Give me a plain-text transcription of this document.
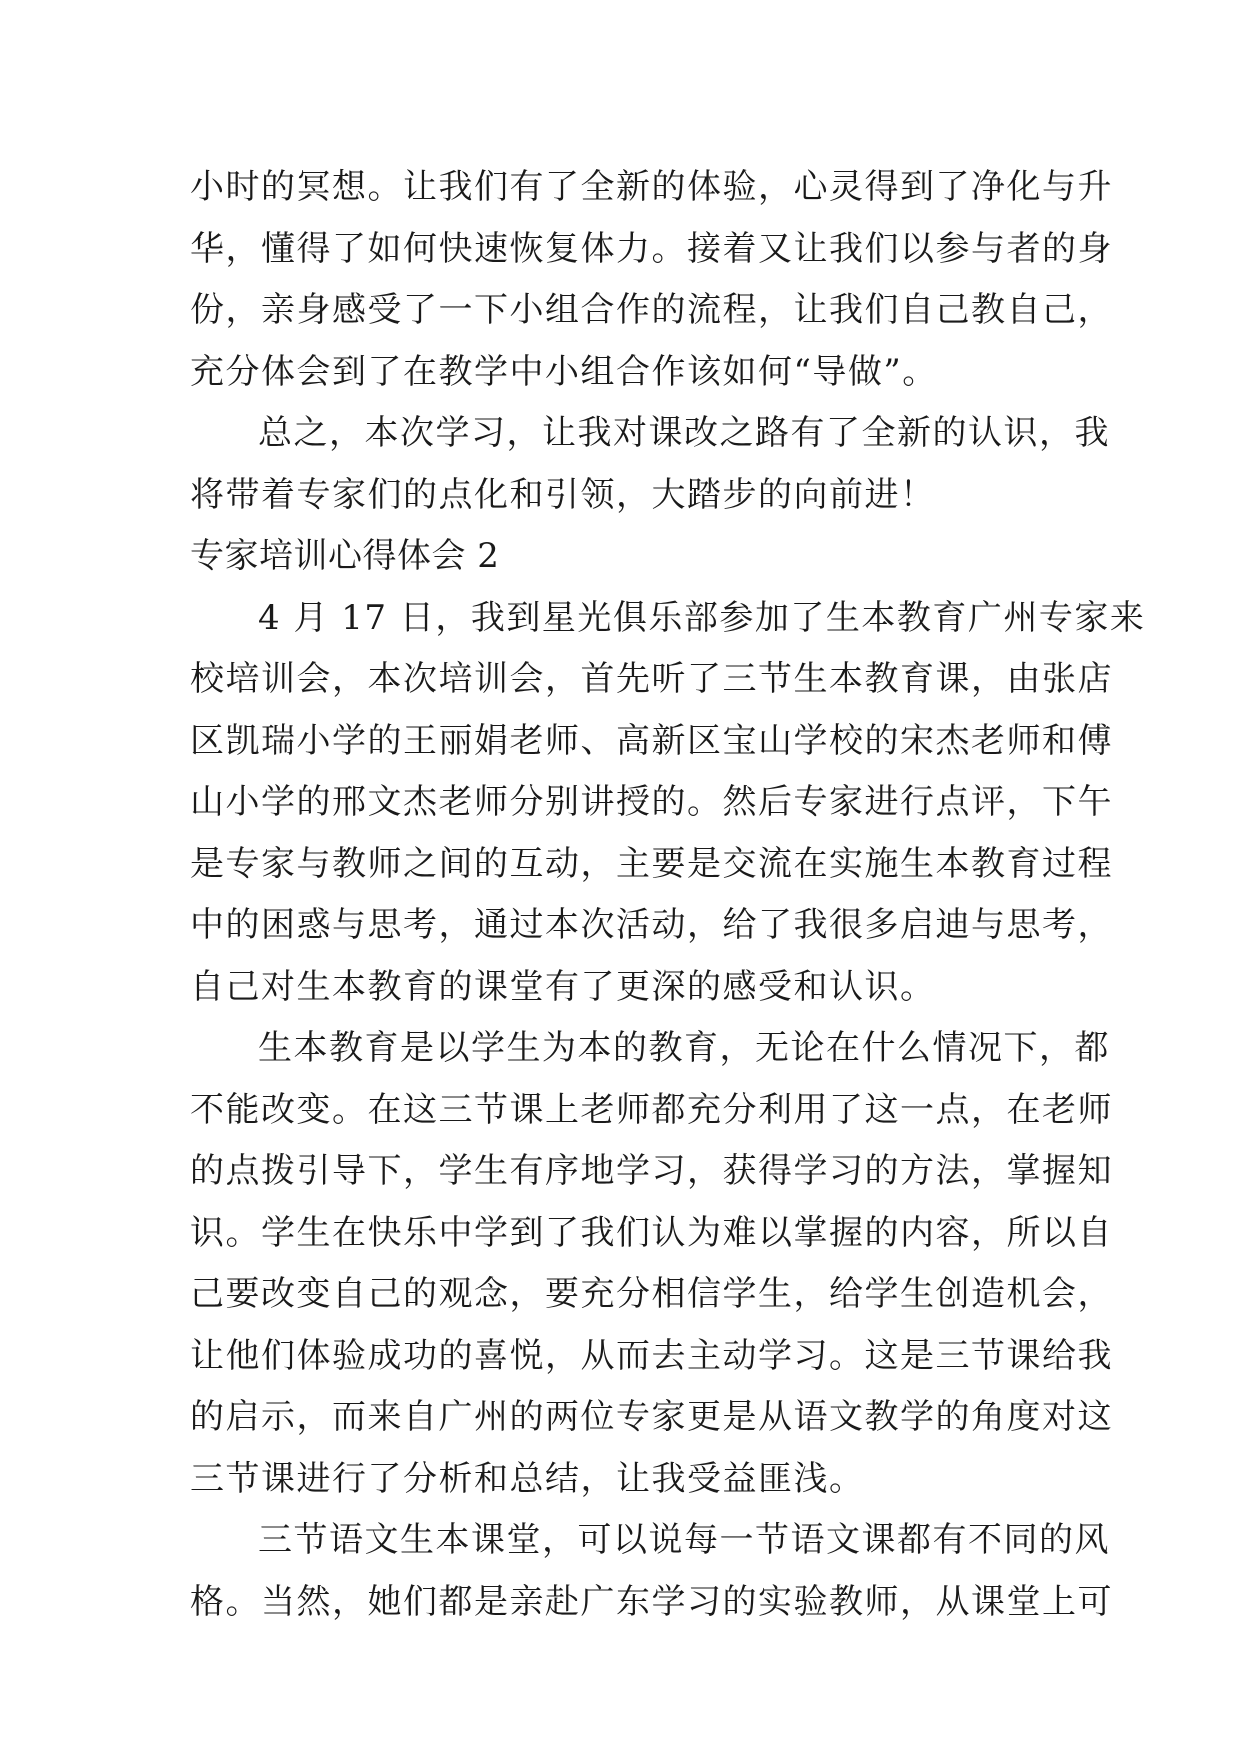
小时的冥想。让我们有了全新的体验，心灵得到了净化与升
华，懂得了如何快速恢复体力。接着又让我们以参与者的身
份，亲身感受了一下小组合作的流程，让我们自己教自己，
充分体会到了在教学中小组合作该如何“导做”。
总之，本次学习，让我对课改之路有了全新的认识，我
将带着专家们的点化和引领，大踏步的向前进！
专家培训心得体会 2
4 月 17 日，我到星光俱乐部参加了生本教育广州专家来
校培训会，本次培训会，首先听了三节生本教育课，由张店
区凯瑞小学的王丽娟老师、高新区宝山学校的宋杰老师和傅
山小学的邢文杰老师分别讲授的。然后专家进行点评，下午
是专家与教师之间的互动，主要是交流在实施生本教育过程
中的困惑与思考，通过本次活动，给了我很多启迪与思考，
自己对生本教育的课堂有了更深的感受和认识。
生本教育是以学生为本的教育，无论在什么情况下，都
不能改变。在这三节课上老师都充分利用了这一点，在老师
的点拨引导下，学生有序地学习，获得学习的方法，掌握知
识。学生在快乐中学到了我们认为难以掌握的内容，所以自
己要改变自己的观念，要充分相信学生，给学生创造机会，
让他们体验成功的喜悦，从而去主动学习。这是三节课给我
的启示，而来自广州的两位专家更是从语文教学的角度对这
三节课进行了分析和总结，让我受益匪浅。
三节语文生本课堂，可以说每一节语文课都有不同的风
格。当然，她们都是亲赴广东学习的实验教师，从课堂上可
